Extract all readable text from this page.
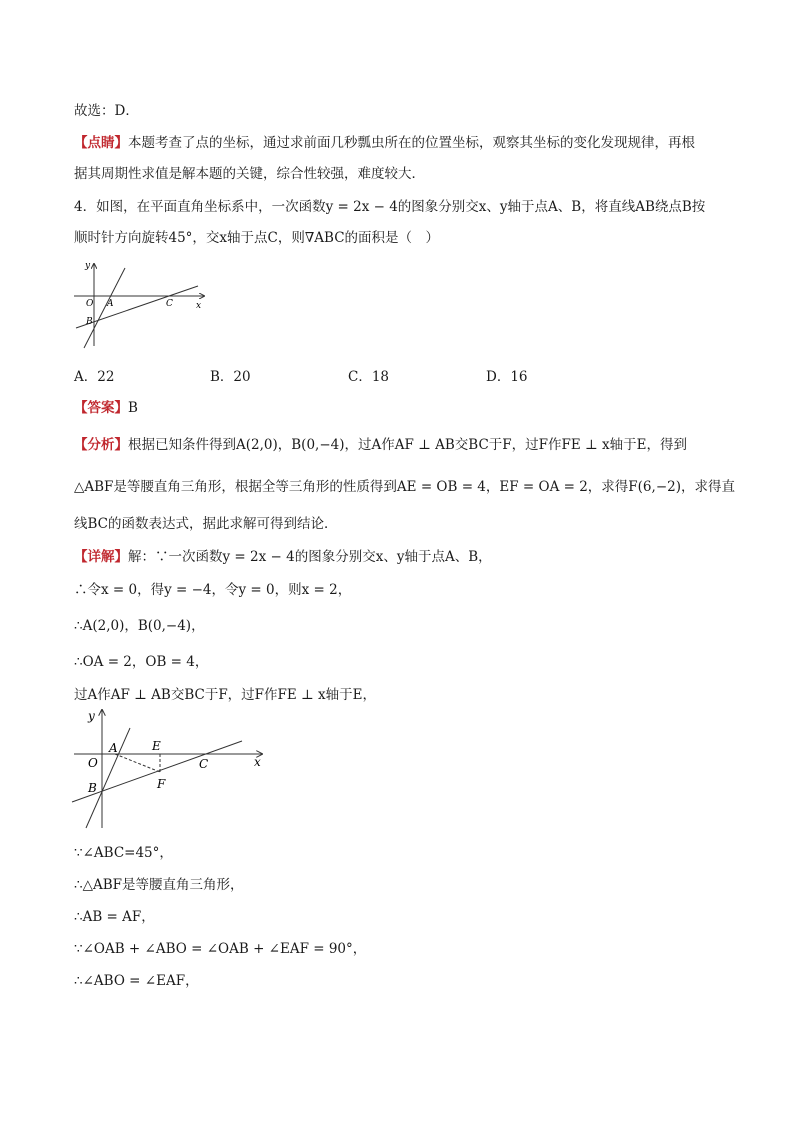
故选：D．
【点睛】本题考查了点的坐标，通过求前面几秒瓢虫所在的位置坐标，观察其坐标的变化发现规律，再根
据其周期性求值是解本题的关键，综合性较强，难度较大．
4．如图，在平面直角坐标系中，一次函数y = 2x − 4的图象分别交x、y轴于点A、B，将直线AB绕点B按
顺时针方向旋转45°，交x轴于点C，则∇ABC的面积是（　）
y
x
O A
B
C
A．22	B．20	C．18	D．16
【答案】B
【分析】根据已知条件得到A(2,0)，B(0,−4)，过A作AF ⊥ AB交BC于F，过F作FE ⊥ x轴于E，得到
△ABF是等腰直角三角形，根据全等三角形的性质得到AE = OB = 4，EF = OA = 2，求得F(6,−2)，求得直
线BC的函数表达式，据此求解可得到结论．
【详解】解：∵一次函数y = 2x − 4的图象分别交x、y轴于点A、B，
∴令x = 0，得y = −4，令y = 0，则x = 2，
∴A(2,0)，B(0,−4)，
∴OA = 2，OB = 4，
过A作AF ⊥ AB交BC于F，过F作FE ⊥ x轴于E，
y
x
O
A
B
C
E
F
∵∠ABC=45°，
∴△ABF是等腰直角三角形，
∴AB = AF，
∵∠OAB + ∠ABO = ∠OAB + ∠EAF = 90°，
∴∠ABO = ∠EAF，
